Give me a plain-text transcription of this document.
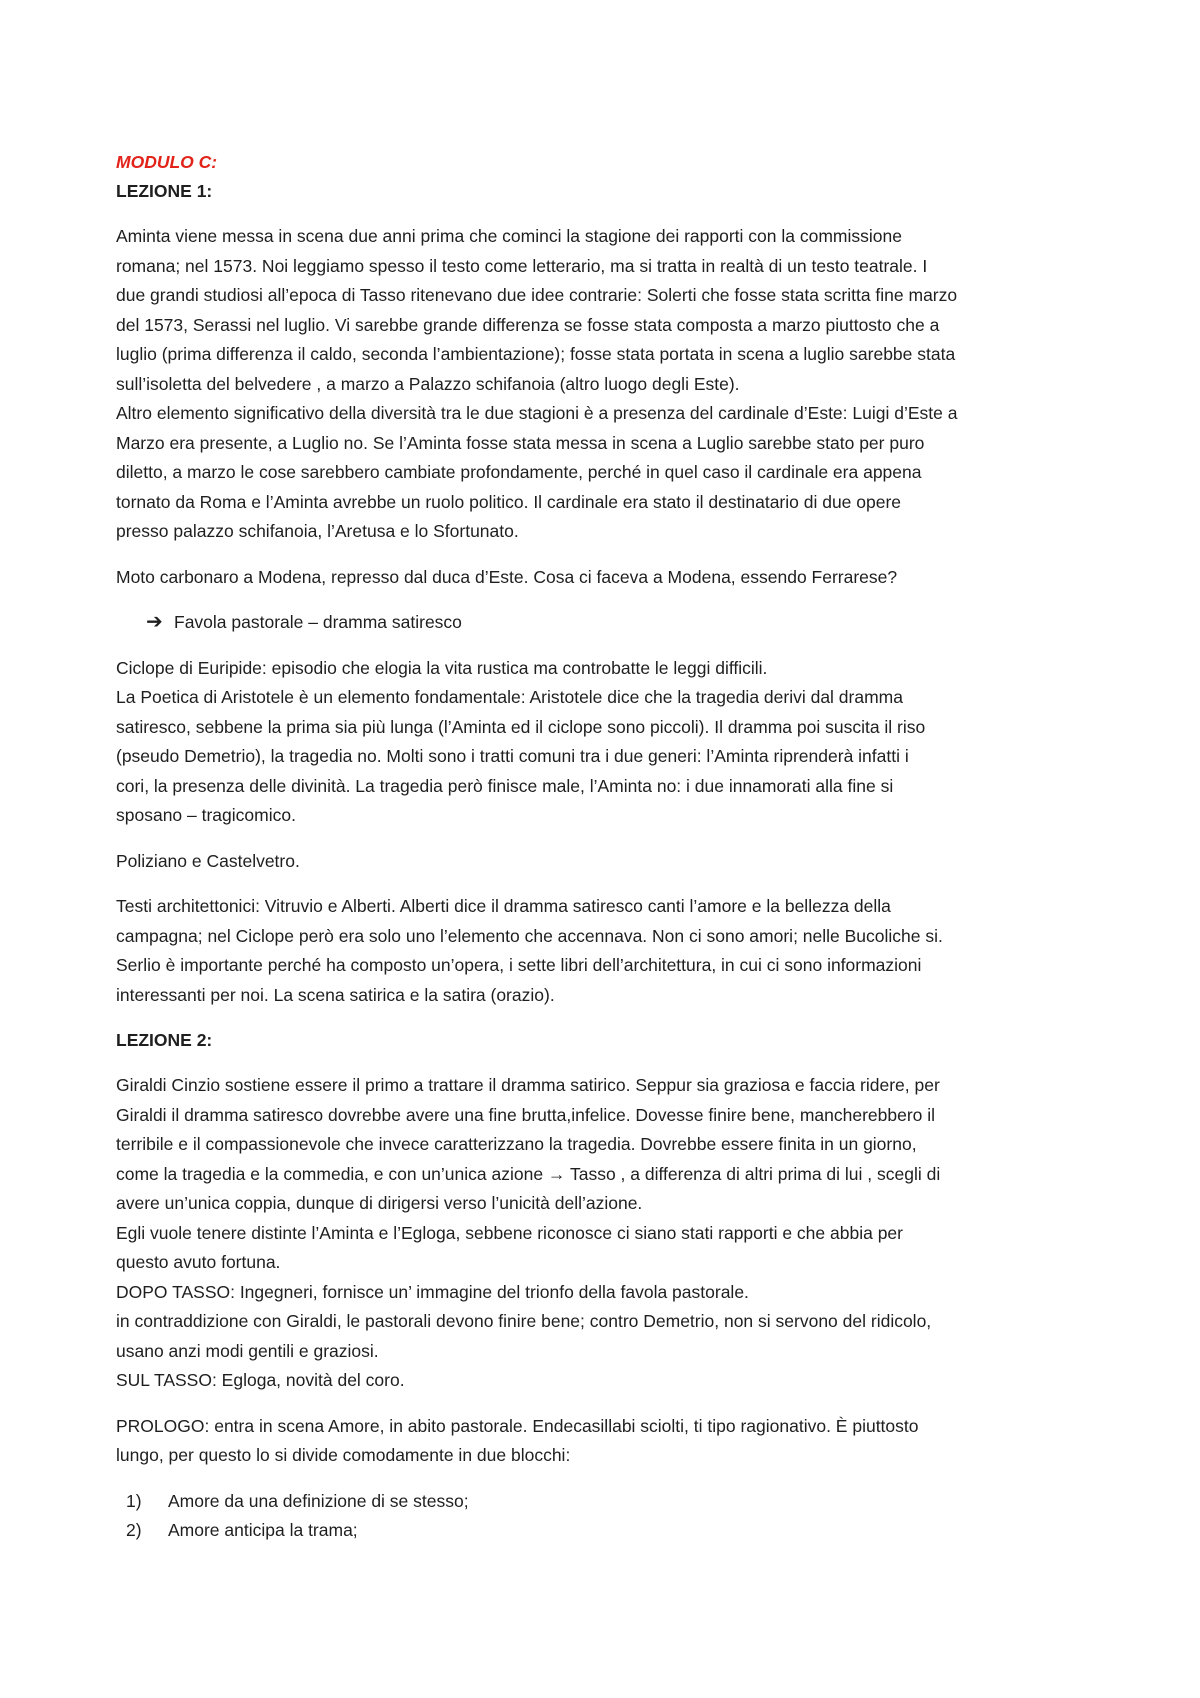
MODULO C:

LEZIONE 1:

Aminta viene messa in scena due anni prima che cominci la stagione dei rapporti con la commissione

romana; nel 1573. Noi leggiamo spesso il testo come letterario, ma si tratta in realtà di un testo teatrale. I

due grandi studiosi all’epoca di Tasso ritenevano due idee contrarie: Solerti che fosse stata scritta fine marzo

del 1573, Serassi nel luglio. Vi sarebbe grande differenza se fosse stata composta a marzo piuttosto che a

luglio (prima differenza il caldo, seconda l’ambientazione); fosse stata portata in scena a luglio sarebbe stata

sull’isoletta del belvedere , a marzo a Palazzo schifanoia (altro luogo degli Este).

Altro elemento significativo della diversità tra le due stagioni è a presenza del cardinale d’Este: Luigi d’Este a

Marzo era presente, a Luglio no. Se l’Aminta fosse stata messa in scena a Luglio sarebbe stato per puro

diletto, a marzo le cose sarebbero cambiate profondamente, perché in quel caso il cardinale era appena

tornato da Roma e l’Aminta avrebbe un ruolo politico. Il cardinale era stato il destinatario di due opere

presso palazzo schifanoia, l’Aretusa e lo Sfortunato.

Moto carbonaro a Modena, represso dal duca d’Este. Cosa ci faceva a Modena, essendo Ferrarese?

➔ Favola pastorale – dramma satiresco

Ciclope di Euripide: episodio che elogia la vita rustica ma controbatte le leggi difficili.

La Poetica di Aristotele è un elemento fondamentale: Aristotele dice che la tragedia derivi dal dramma

satiresco, sebbene la prima sia più lunga (l’Aminta ed il ciclope sono piccoli). Il dramma poi suscita il riso

(pseudo Demetrio), la tragedia no. Molti sono i tratti comuni tra i due generi: l’Aminta riprenderà infatti i

cori, la presenza delle divinità. La tragedia però finisce male, l’Aminta no: i due innamorati alla fine si

sposano – tragicomico.

Poliziano e Castelvetro.

Testi architettonici: Vitruvio e Alberti. Alberti dice il dramma satiresco canti l’amore e la bellezza della

campagna; nel Ciclope però era solo uno l’elemento che accennava. Non ci sono amori; nelle Bucoliche si.

Serlio è importante perché ha composto un’opera, i sette libri dell’architettura, in cui ci sono informazioni

interessanti per noi. La scena satirica e la satira (orazio).

LEZIONE 2:

Giraldi Cinzio sostiene essere il primo a trattare il dramma satirico. Seppur sia graziosa e faccia ridere, per

Giraldi il dramma satiresco dovrebbe avere una fine brutta,infelice. Dovesse finire bene, mancherebbero il

terribile e il compassionevole che invece caratterizzano la tragedia. Dovrebbe essere finita in un giorno,

come la tragedia e la commedia, e con un’unica azione → Tasso , a differenza di altri prima di lui , scegli di

avere un’unica coppia, dunque di dirigersi verso l’unicità dell’azione.

Egli vuole tenere distinte l’Aminta e l’Egloga, sebbene riconosce ci siano stati rapporti e che abbia per

questo avuto fortuna.

DOPO TASSO: Ingegneri, fornisce un’ immagine del trionfo della favola pastorale.

in contraddizione con Giraldi, le pastorali devono finire bene; contro Demetrio, non si servono del ridicolo,

usano anzi modi gentili e graziosi.

SUL TASSO: Egloga, novità del coro.

PROLOGO: entra in scena Amore, in abito pastorale. Endecasillabi sciolti, ti tipo ragionativo. È piuttosto

lungo, per questo lo si divide comodamente in due blocchi:

1)	Amore da una definizione di se stesso;
2)	Amore anticipa la trama;
